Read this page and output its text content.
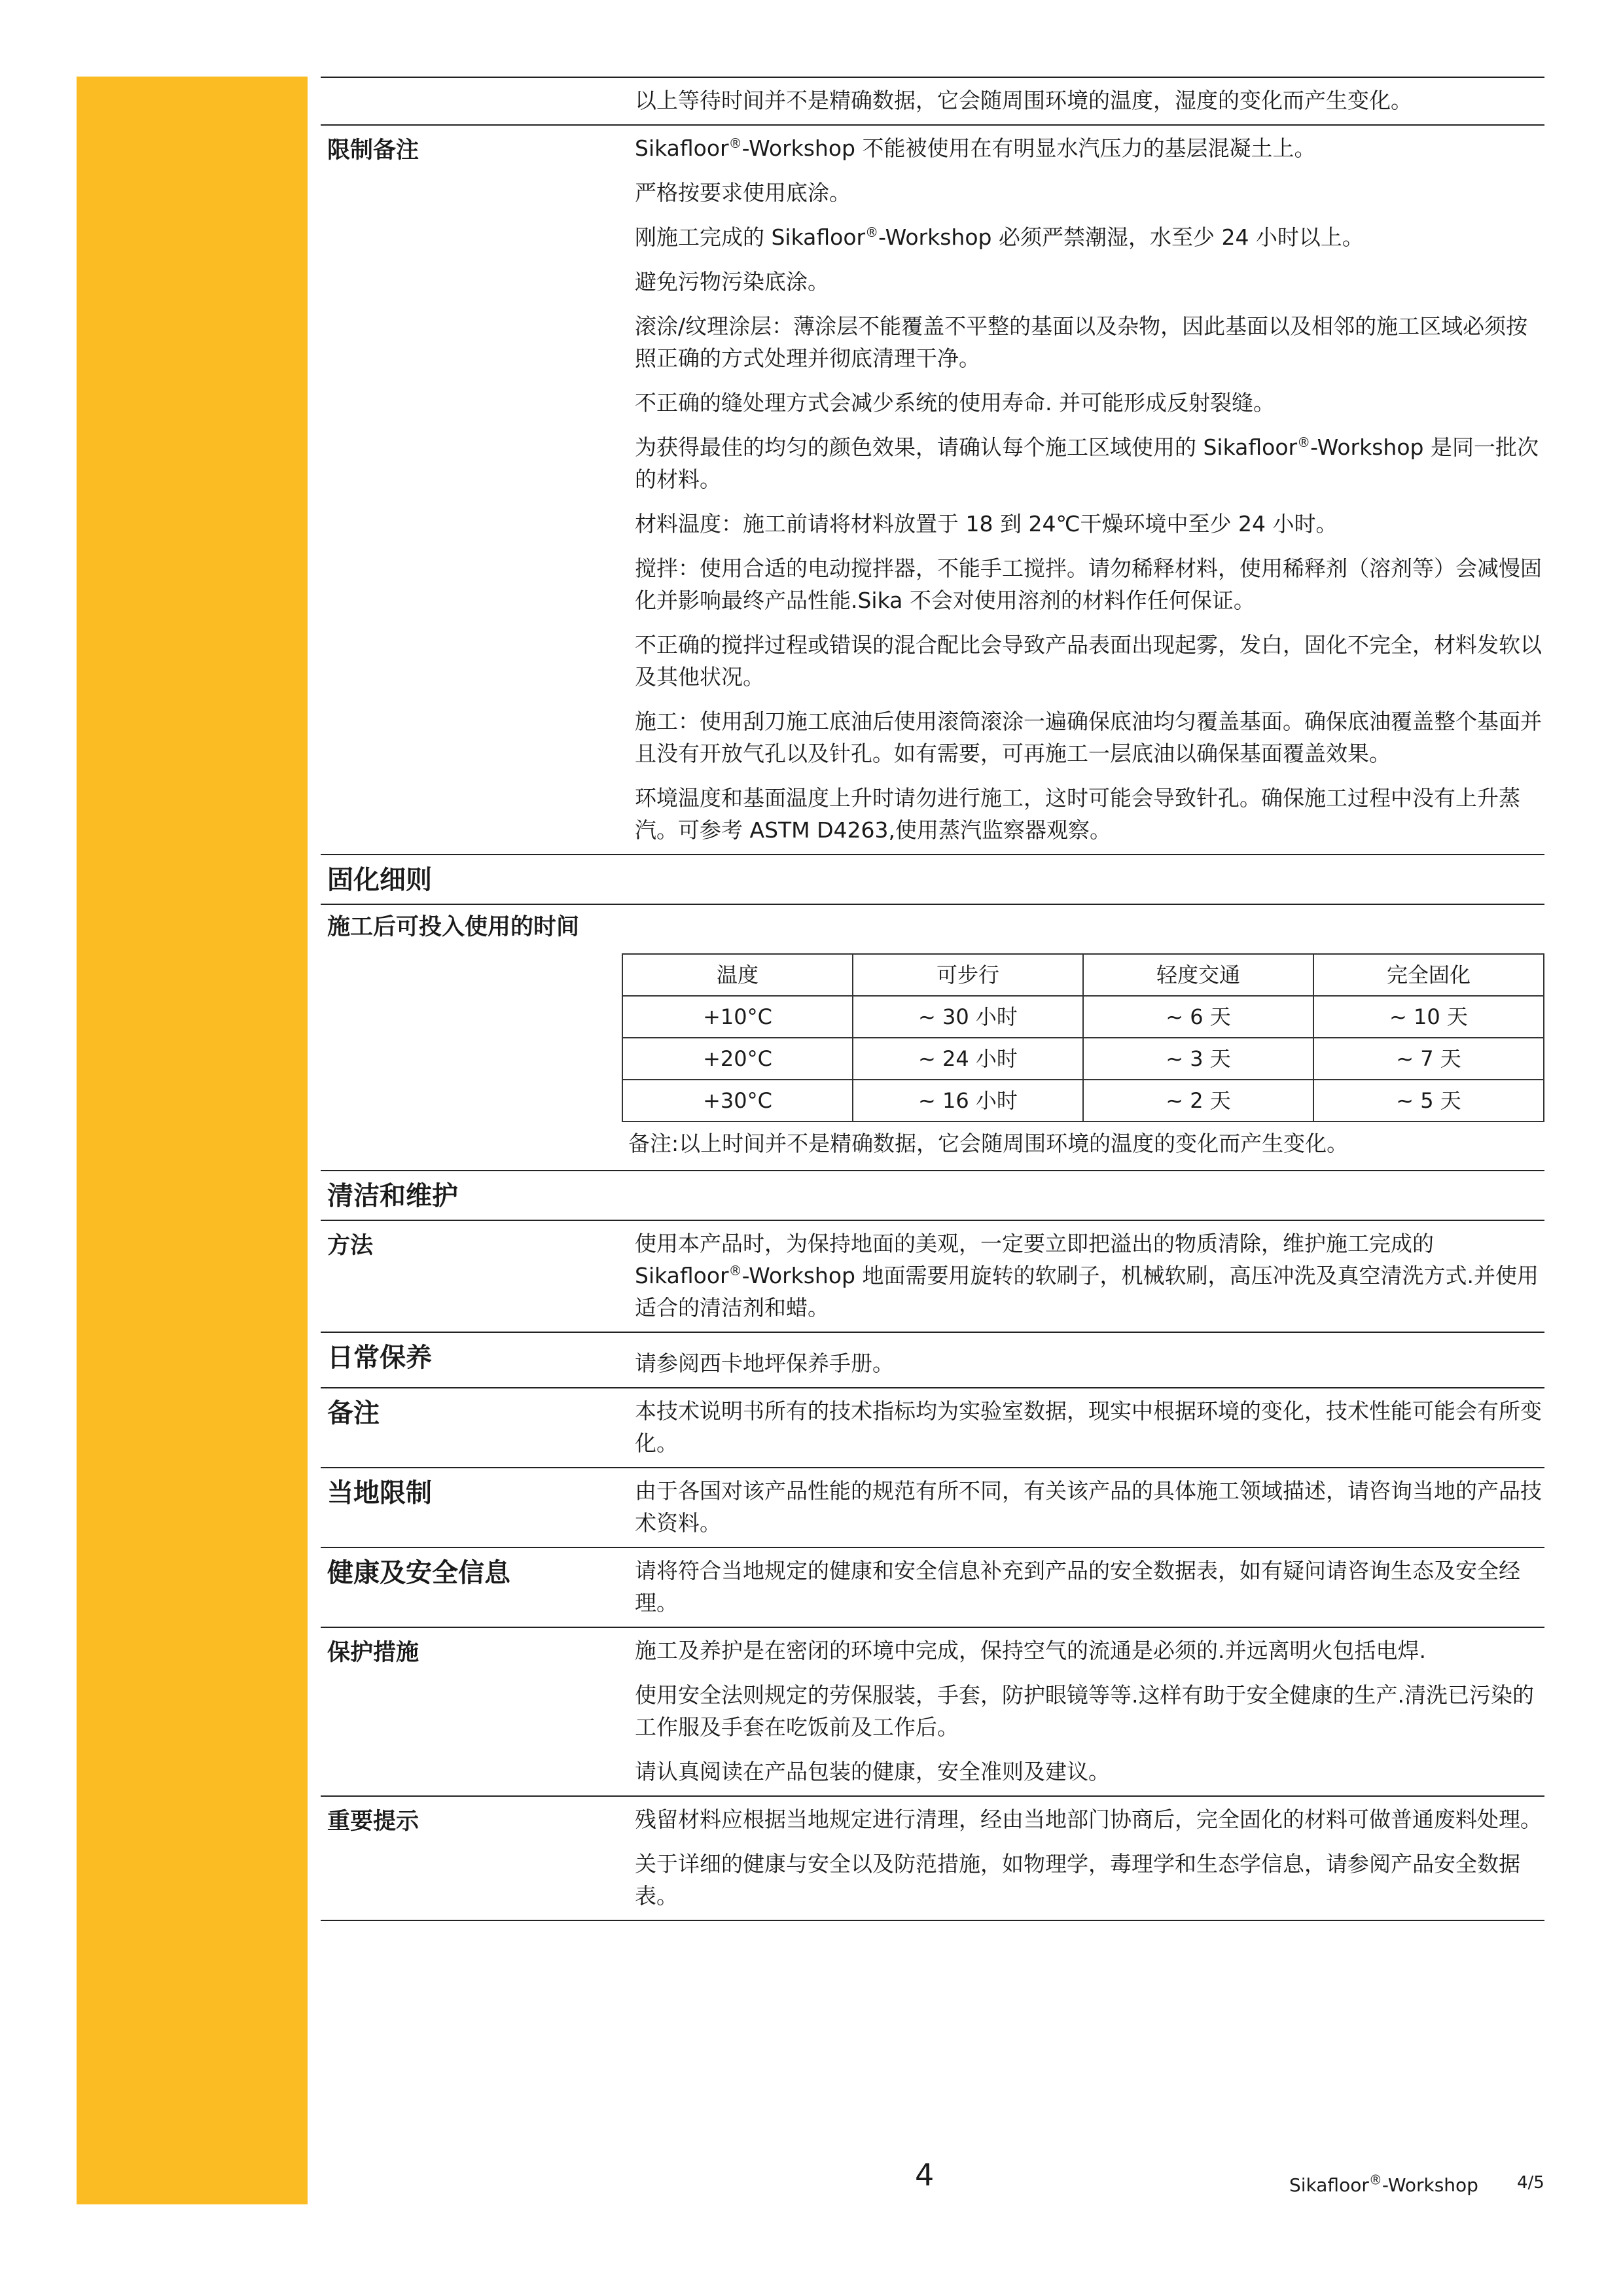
以上等待时间并不是精确数据，它会随周围环境的温度，湿度的变化而产生变化。
限制备注	Sikafloor®-Workshop 不能被使用在有明显水汽压力的基层混凝土上。
严格按要求使用底涂。
刚施工完成的 Sikafloor®-Workshop 必须严禁潮湿，水至少 24 小时以上。
避免污物污染底涂。
滚涂/纹理涂层：薄涂层不能覆盖不平整的基面以及杂物，因此基面以及相邻的施工区域必须按照正确的方式处理并彻底清理干净。
不正确的缝处理方式会减少系统的使用寿命. 并可能形成反射裂缝。
为获得最佳的均匀的颜色效果，请确认每个施工区域使用的 Sikafloor®-Workshop 是同一批次的材料。
材料温度：施工前请将材料放置于 18 到 24℃干燥环境中至少 24 小时。
搅拌：使用合适的电动搅拌器，不能手工搅拌。请勿稀释材料，使用稀释剂（溶剂等）会减慢固化并影响最终产品性能.Sika 不会对使用溶剂的材料作任何保证。
不正确的搅拌过程或错误的混合配比会导致产品表面出现起雾，发白，固化不完全，材料发软以及其他状况。
施工：使用刮刀施工底油后使用滚筒滚涂一遍确保底油均匀覆盖基面。确保底油覆盖整个基面并且没有开放气孔以及针孔。如有需要，可再施工一层底油以确保基面覆盖效果。
环境温度和基面温度上升时请勿进行施工，这时可能会导致针孔。确保施工过程中没有上升蒸汽。可参考 ASTM D4263,使用蒸汽监察器观察。
固化细则
施工后可投入使用的时间
温度	可步行	轻度交通	完全固化
+10°C	~ 30 小时	~ 6 天	~ 10 天
+20°C	~ 24 小时	~ 3 天	~ 7 天
+30°C	~ 16 小时	~ 2 天	~ 5 天
备注:以上时间并不是精确数据，它会随周围环境的温度的变化而产生变化。
清洁和维护
方法	使用本产品时，为保持地面的美观，一定要立即把溢出的物质清除，维护施工完成的 Sikafloor®-Workshop 地面需要用旋转的软刷子，机械软刷，高压冲洗及真空清洗方式.并使用适合的清洁剂和蜡。
日常保养	请参阅西卡地坪保养手册。
备注	本技术说明书所有的技术指标均为实验室数据，现实中根据环境的变化，技术性能可能会有所变化。
当地限制	由于各国对该产品性能的规范有所不同，有关该产品的具体施工领域描述，请咨询当地的产品技术资料。
健康及安全信息	请将符合当地规定的健康和安全信息补充到产品的安全数据表，如有疑问请咨询生态及安全经理。
保护措施	施工及养护是在密闭的环境中完成，保持空气的流通是必须的.并远离明火包括电焊.
使用安全法则规定的劳保服装，手套，防护眼镜等等.这样有助于安全健康的生产.清洗已污染的工作服及手套在吃饭前及工作后。
请认真阅读在产品包装的健康，安全准则及建议。
重要提示	残留材料应根据当地规定进行清理，经由当地部门协商后，完全固化的材料可做普通废料处理。
关于详细的健康与安全以及防范措施，如物理学，毒理学和生态学信息，请参阅产品安全数据表。
4	Sikafloor®-Workshop 4/5
